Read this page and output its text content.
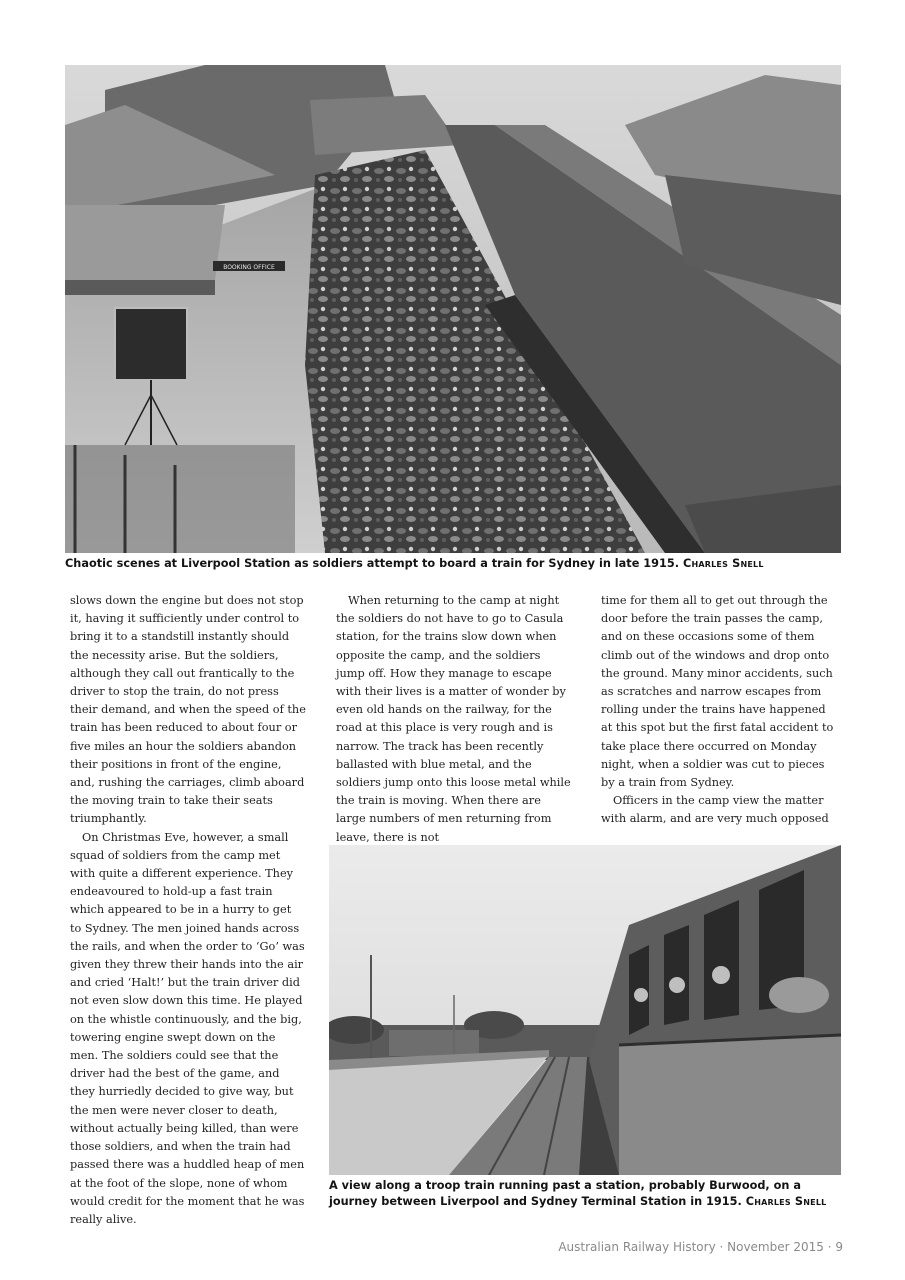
BOOKING OFFICE
Chaotic scenes at Liverpool Station as soldiers attempt to board a train for Sydney in late 1915. Charles Snell

slows down the engine but does not stop it, having it sufficiently under control to bring it to a standstill instantly should the necessity arise. But the soldiers, although they call out frantically to the driver to stop the train, do not press their demand, and when the speed of the train has been reduced to about four or five miles an hour the soldiers abandon their positions in front of the engine, and, rushing the carriages, climb aboard the moving train to take their seats triumphantly.

On Christmas Eve, however, a small squad of soldiers from the camp met with quite a different experience. They endeavoured to hold-up a fast train which appeared to be in a hurry to get to Sydney. The men joined hands across the rails, and when the order to ‘Go’ was given they threw their hands into the air and cried ‘Halt!’ but the train driver did not even slow down this time. He played on the whistle continuously, and the big, towering engine swept down on the men. The soldiers could see that the driver had the best of the game, and they hurriedly decided to give way, but the men were never closer to death, without actually being killed, than were those soldiers, and when the train had passed there was a huddled heap of men at the foot of the slope, none of whom would credit for the moment that he was really alive.

When returning to the camp at night the soldiers do not have to go to Casula station, for the trains slow down when opposite the camp, and the soldiers jump off. How they manage to escape with their lives is a matter of wonder by even old hands on the railway, for the road at this place is very rough and is narrow. The track has been recently ballasted with blue metal, and the soldiers jump onto this loose metal while the train is moving. When there are large numbers of men returning from leave, there is not

time for them all to get out through the door before the train passes the camp, and on these occasions some of them climb out of the windows and drop onto the ground. Many minor accidents, such as scratches and narrow escapes from rolling under the trains have happened at this spot but the first fatal accident to take place there occurred on Monday night, when a soldier was cut to pieces by a train from Sydney.

Officers in the camp view the matter with alarm, and are very much opposed

A view along a troop train running past a station, probably Burwood, on a journey between Liverpool and Sydney Terminal Station in 1915. Charles Snell
Australian Railway History · November 2015 · 9
